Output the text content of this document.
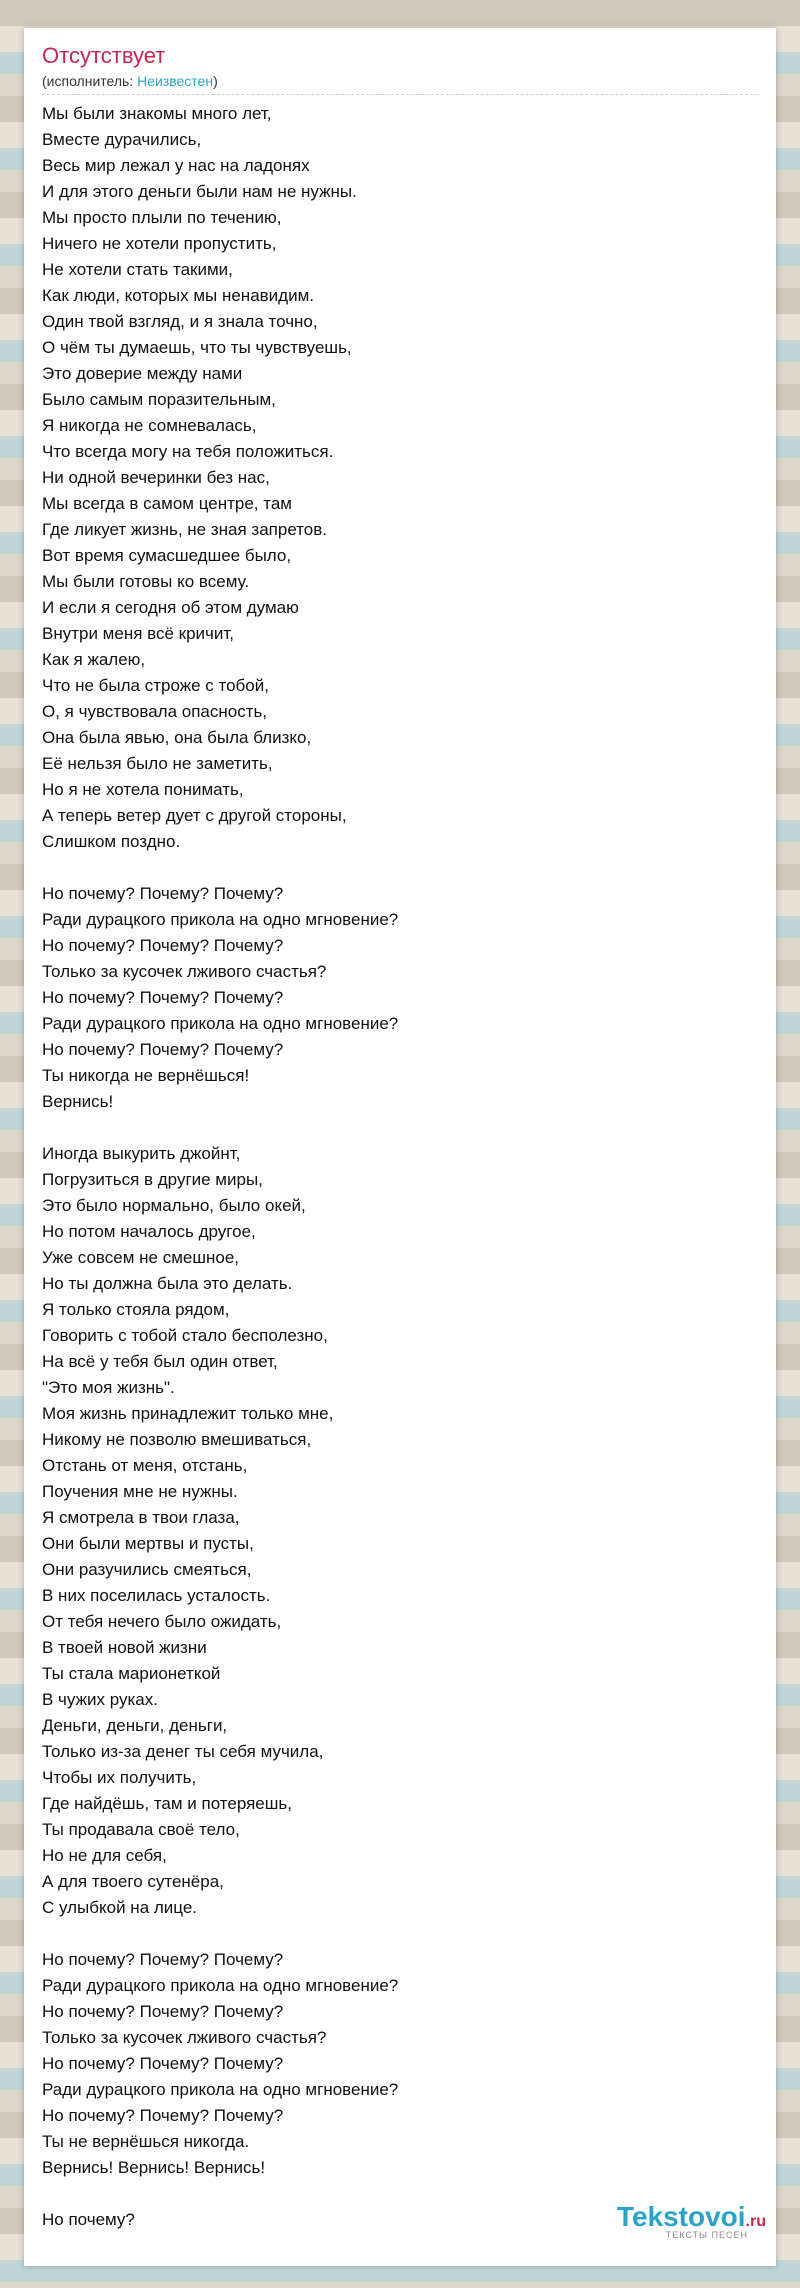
Отсутствует
(исполнитель: Неизвестен)
Мы были знакомы много лет,
Вместе дурачились,
Весь мир лежал у нас на ладонях
И для этого деньги были нам не нужны.
Мы просто плыли по течению,
Ничего не хотели пропустить,
Не хотели стать такими,
Как люди, которых мы ненавидим.
Один твой взгляд, и я знала точно,
О чём ты думаешь, что ты чувствуешь,
Это доверие между нами
Было самым поразительным,
Я никогда не сомневалась,
Что всегда могу на тебя положиться.
Ни одной вечеринки без нас,
Мы всегда в самом центре, там
Где ликует жизнь, не зная запретов.
Вот время сумасшедшее было,
Мы были готовы ко всему.
И если я сегодня об этом думаю
Внутри меня всё кричит,
Как я жалею,
Что не была строже с тобой,
О, я чувствовала опасность,
Она была явью, она была близко,
Её нельзя было не заметить,
Но я не хотела понимать,
А теперь ветер дует с другой стороны,
Слишком поздно.
Но почему? Почему? Почему?
Ради дурацкого прикола на одно мгновение?
Но почему? Почему? Почему?
Только за кусочек лживого счастья?
Но почему? Почему? Почему?
Ради дурацкого прикола на одно мгновение?
Но почему? Почему? Почему?
Ты никогда не вернёшься!
Вернись!
Иногда выкурить джойнт,
Погрузиться в другие миры,
Это было нормально, было окей,
Но потом началось другое,
Уже совсем не смешное,
Но ты должна была это делать.
Я только стояла рядом,
Говорить с тобой стало бесполезно,
На всё у тебя был один ответ,
"Это моя жизнь".
Моя жизнь принадлежит только мне,
Никому не позволю вмешиваться,
Отстань от меня, отстань,
Поучения мне не нужны.
Я смотрела в твои глаза,
Они были мертвы и пусты,
Они разучились смеяться,
В них поселилась усталость.
От тебя нечего было ожидать,
В твоей новой жизни
Ты стала марионеткой
В чужих руках.
Деньги, деньги, деньги,
Только из-за денег ты себя мучила,
Чтобы их получить,
Где найдёшь, там и потеряешь,
Ты продавала своё тело,
Но не для себя,
А для твоего сутенёра,
С улыбкой на лице.
Но почему? Почему? Почему?
Ради дурацкого прикола на одно мгновение?
Но почему? Почему? Почему?
Только за кусочек лживого счастья?
Но почему? Почему? Почему?
Ради дурацкого прикола на одно мгновение?
Но почему? Почему? Почему?
Ты не вернёшься никогда.
Вернись! Вернись! Вернись!
Но почему?	Tekstovoi.ru
ТЕКСТЫ ПЕСЕН
